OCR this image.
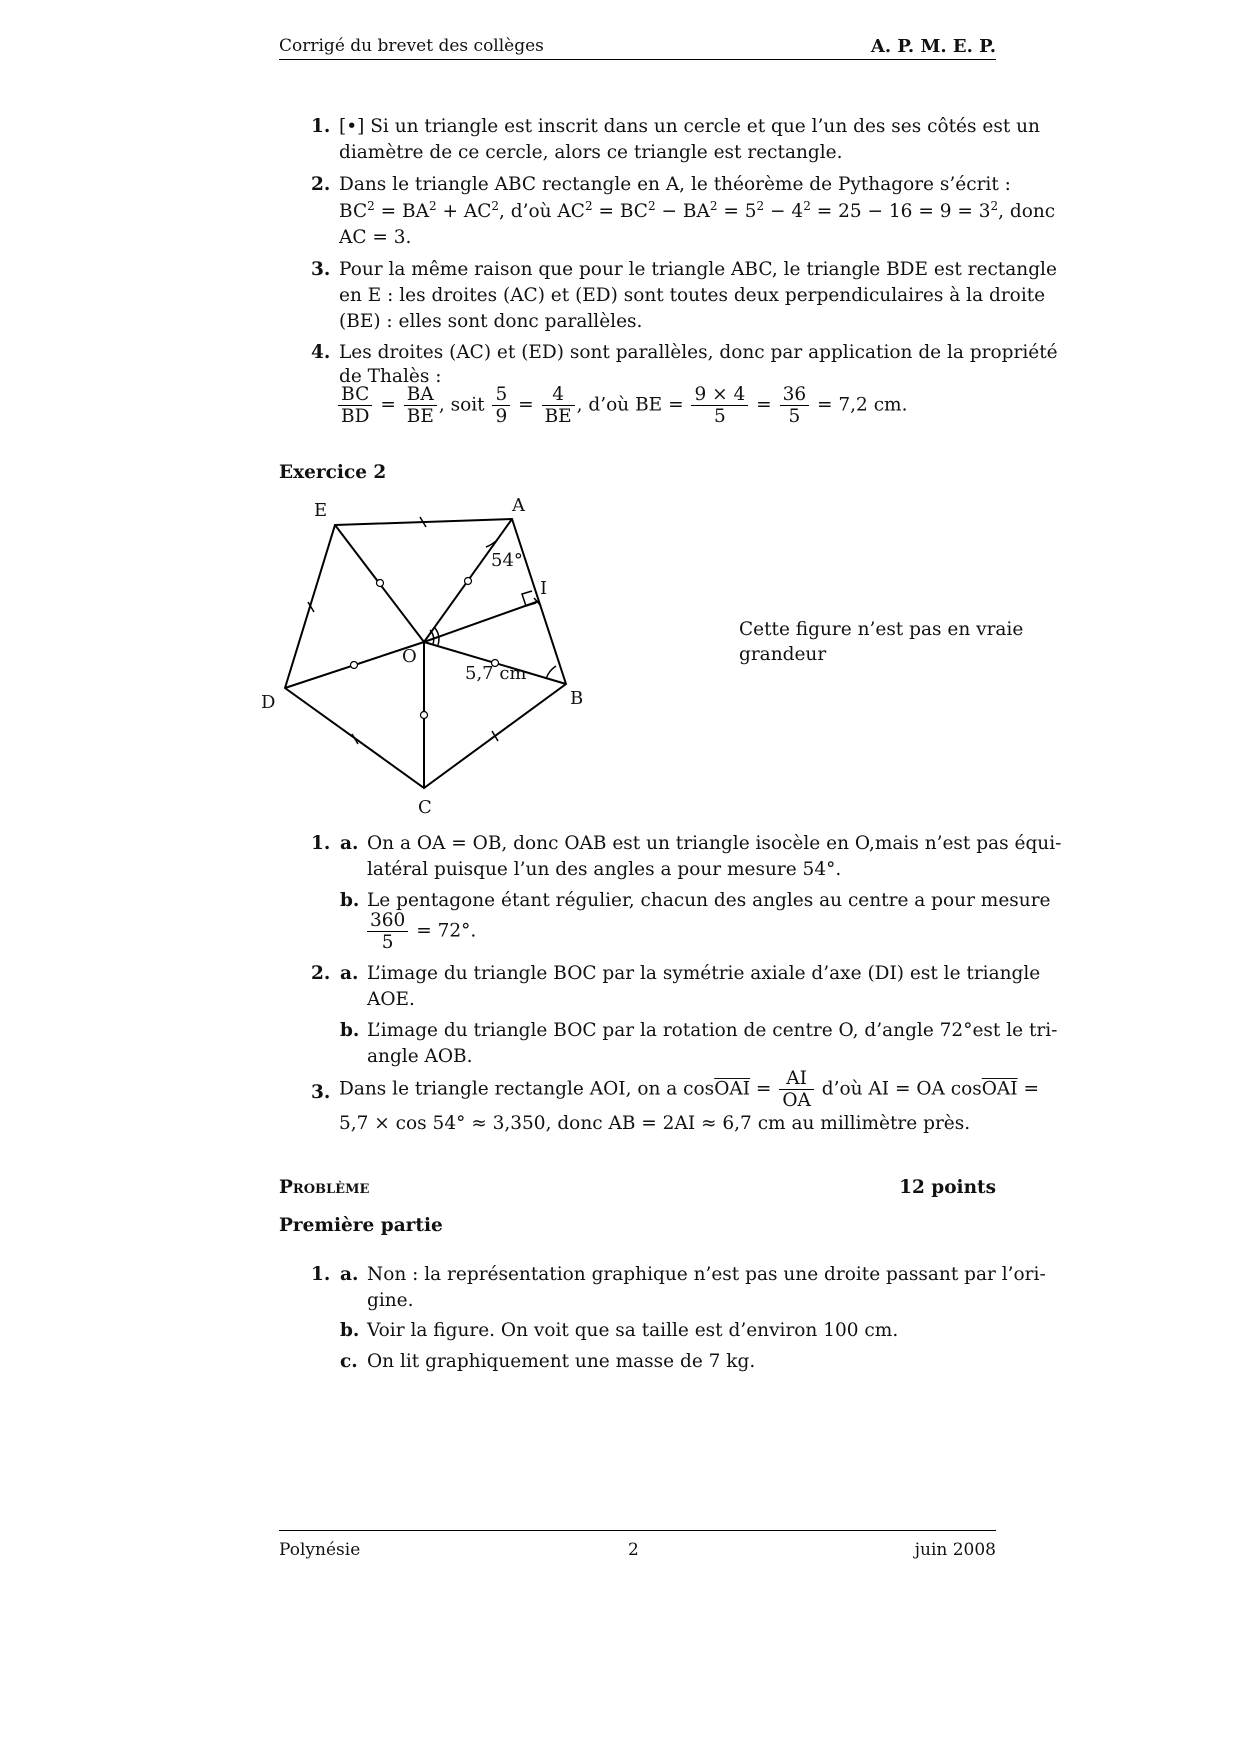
Corrigé du brevet des collèges	A. P. M. E. P.
1. [•] Si un triangle est inscrit dans un cercle et que l’un des ses côtés est un
diamètre de ce cercle, alors ce triangle est rectangle.
2. Dans le triangle ABC rectangle en A, le théorème de Pythagore s’écrit :
$BC^2 = BA^2 + AC^2$, d’où $AC^2 = BC^2 - BA^2 = 5^2 - 4^2 = 25 - 16 = 9 = 3^2$, donc
AC = 3.
3. Pour la même raison que pour le triangle ABC, le triangle BDE est rectangle
en E : les droites (AC) et (ED) sont toutes deux perpendiculaires à la droite
(BE) : elles sont donc parallèles.
4. Les droites (AC) et (ED) sont parallèles, donc par application de la propriété
de Thalès :
$\frac{BC}{BD} = \frac{BA}{BE}$ , soit $\frac{5}{9} = \frac{4}{BE}$ , d’où BE = $\frac{9 \times 4}{5} = \frac{36}{5} = 7,2$ cm.
Exercice 2
E	A
I
O
B
C
D
54°
5,7 cm
Cette figure n’est pas en vraie
grandeur
1. a. On a OA = OB, donc OAB est un triangle isocèle en O,mais n’est pas équi-
latéral puisque l’un des angles a pour mesure 54°.
b. Le pentagone étant régulier, chacun des angles au centre a pour mesure
$\frac{360}{5} = 72^\circ$.
2. a. L’image du triangle BOC par la symétrie axiale d’axe (DI) est le triangle
AOE.
b. L’image du triangle BOC par la rotation de centre O, d’angle 72°est le tri-
angle AOB.
3. Dans le triangle rectangle AOI, on a $\cos\overline{OAI} = \frac{AI}{OA}$ d’où AI = OA $\cos\overline{OAI}$ =
5,7 × cos 54° ≈ 3,350, donc AB = 2AI ≈ 6,7 cm au millimètre près.
Problème	12 points
Première partie
1. a. Non : la représentation graphique n’est pas une droite passant par l’ori-
gine.
b. Voir la figure. On voit que sa taille est d’environ 100 cm.
c. On lit graphiquement une masse de 7 kg.
Polynésie	2	juin 2008
